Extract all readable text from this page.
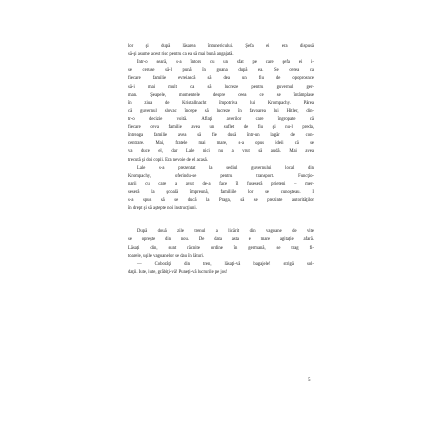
lor şi după lăsarea întunericului. Şefa ei era dispusă
să-şi asume acest risc pentru ca ea să mai bună angajată.
Într-o seară, s-a întors cu un sfat pe care şefa ei i-
se ceruse să-l pună în goana după ea. Se cerea ca
fiecare familie evreiască să dea un fiu de opoprosnce
să-i mai mult ca să lucreze pentru guvernul ger-
man. Şeapele, momentele despre ceea ce se întâmplase
în ziua de Kristallnacht împotriva lui Krompachy. Pârea
că guvernul slovac începe să lucreze în favoarea lui Hitler, din-
tr-o decizie voită. Aflaţi averilor care îngropate că
fiecare ceva familie avea un suflet de fiu şi nu-l preda,
întreaga familie avea să fie dusă într-un lagăr de con-
centrare. Mai, fratele mai mare, s-a opus ideii că se
va duce el, dar Lale nici nu a vrut să audă. Mai avea
trecută şi doi copii. Era nevoie de el acasă.
Lale s-a prezentat la sediul guvernului local din
Krompachy, oferindu-se pentru transport. Funcţio-
narii cu care a avut de-a face îl fuseseră prieteni – mer-
seseră la şcoală împreună, familiile lor se cunoşteau. I
s-a spus să se ducă la Praga, să se prezinte autorităţilor
în drept şi să aştepte noi instrucţiuni.
După două zile trenul a licărit din vagoane de vite
se oprește din nou. De data asta e mare agitație afară.
Lăsați din, sunt răcnite ordine în germană, se trag fi-
toarele, uşile vagoanelor se dau în lături.
— Coborâţi din tren, lăsaţi-vă bagajele! strigă sol-
daţii. Iute, iute, grăbiţi-vă! Puneţi-vă lucrurile pe jos!
5
